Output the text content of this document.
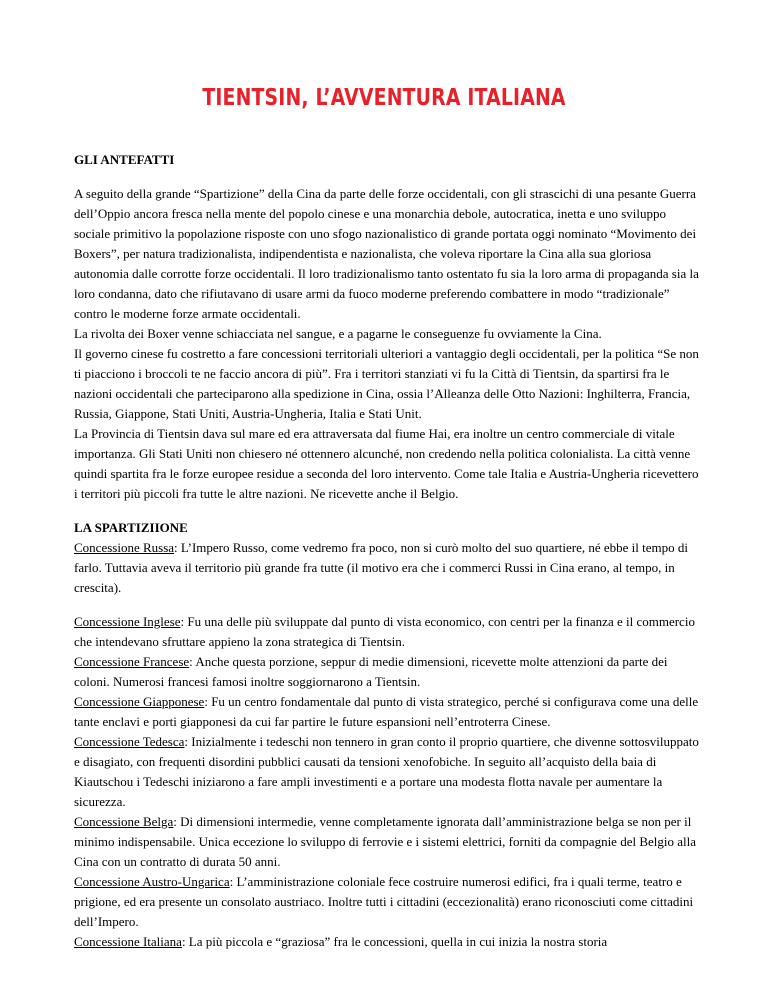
TIENTSIN, L’AVVENTURA ITALIANA

GLI ANTEFATTI

A seguito della grande “Spartizione” della Cina da parte delle forze occidentali, con gli strascichi di una pesante Guerra dell’Oppio ancora fresca nella mente del popolo cinese e una monarchia debole, autocratica, inetta e uno sviluppo sociale primitivo la popolazione risposte con uno sfogo nazionalistico di grande portata oggi nominato “Movimento dei Boxers”, per natura tradizionalista, indipendentista e nazionalista, che voleva riportare la Cina alla sua gloriosa autonomia dalle corrotte forze occidentali. Il loro tradizionalismo tanto ostentato fu sia la loro arma di propaganda sia la loro condanna, dato che rifiutavano di usare armi da fuoco moderne preferendo combattere in modo “tradizionale” contro le moderne forze armate occidentali.

La rivolta dei Boxer venne schiacciata nel sangue, e a pagarne le conseguenze fu ovviamente la Cina.

Il governo cinese fu costretto a fare concessioni territoriali ulteriori a vantaggio degli occidentali, per la politica “Se non ti piacciono i broccoli te ne faccio ancora di più”. Fra i territori stanziati vi fu la Città di Tientsin, da spartirsi fra le nazioni occidentali che parteciparono alla spedizione in Cina, ossia l’Alleanza delle Otto Nazioni: Inghilterra, Francia, Russia, Giappone, Stati Uniti, Austria-Ungheria, Italia e Stati Unit.

La Provincia di Tientsin dava sul mare ed era attraversata dal fiume Hai, era inoltre un centro commerciale di vitale importanza. Gli Stati Uniti non chiesero né ottennero alcunché, non credendo nella politica colonialista. La città venne quindi spartita fra le forze europee residue a seconda del loro intervento. Come tale Italia e Austria-Ungheria ricevettero i territori più piccoli fra tutte le altre nazioni. Ne ricevette anche il Belgio.

LA SPARTIZIIONE

Concessione Russa: L’Impero Russo, come vedremo fra poco, non si curò molto del suo quartiere, né ebbe il tempo di farlo. Tuttavia aveva il territorio più grande fra tutte (il motivo era che i commerci Russi in Cina erano, al tempo, in crescita).

Concessione Inglese: Fu una delle più sviluppate dal punto di vista economico, con centri per la finanza e il commercio che intendevano sfruttare appieno la zona strategica di Tientsin.

Concessione Francese: Anche questa porzione, seppur di medie dimensioni, ricevette molte attenzioni da parte dei coloni. Numerosi francesi famosi inoltre soggiornarono a Tientsin.

Concessione Giapponese: Fu un centro fondamentale dal punto di vista strategico, perché si configurava come una delle tante enclavi e porti giapponesi da cui far partire le future espansioni nell’entroterra Cinese.

Concessione Tedesca: Inizialmente i tedeschi non tennero in gran conto il proprio quartiere, che divenne sottosviluppato e disagiato, con frequenti disordini pubblici causati da tensioni xenofobiche. In seguito all’acquisto della baia di Kiautschou i Tedeschi iniziarono a fare ampli investimenti e a portare una modesta flotta navale per aumentare la sicurezza.

Concessione Belga: Di dimensioni intermedie, venne completamente ignorata dall’amministrazione belga se non per il minimo indispensabile. Unica eccezione lo sviluppo di ferrovie e i sistemi elettrici, forniti da compagnie del Belgio alla Cina con un contratto di durata 50 anni.

Concessione Austro-Ungarica: L’amministrazione coloniale fece costruire numerosi edifici, fra i quali terme, teatro e prigione, ed era presente un consolato austriaco. Inoltre tutti i cittadini (eccezionalità) erano riconosciuti come cittadini dell’Impero.

Concessione Italiana: La più piccola e “graziosa” fra le concessioni, quella in cui inizia la nostra storia
